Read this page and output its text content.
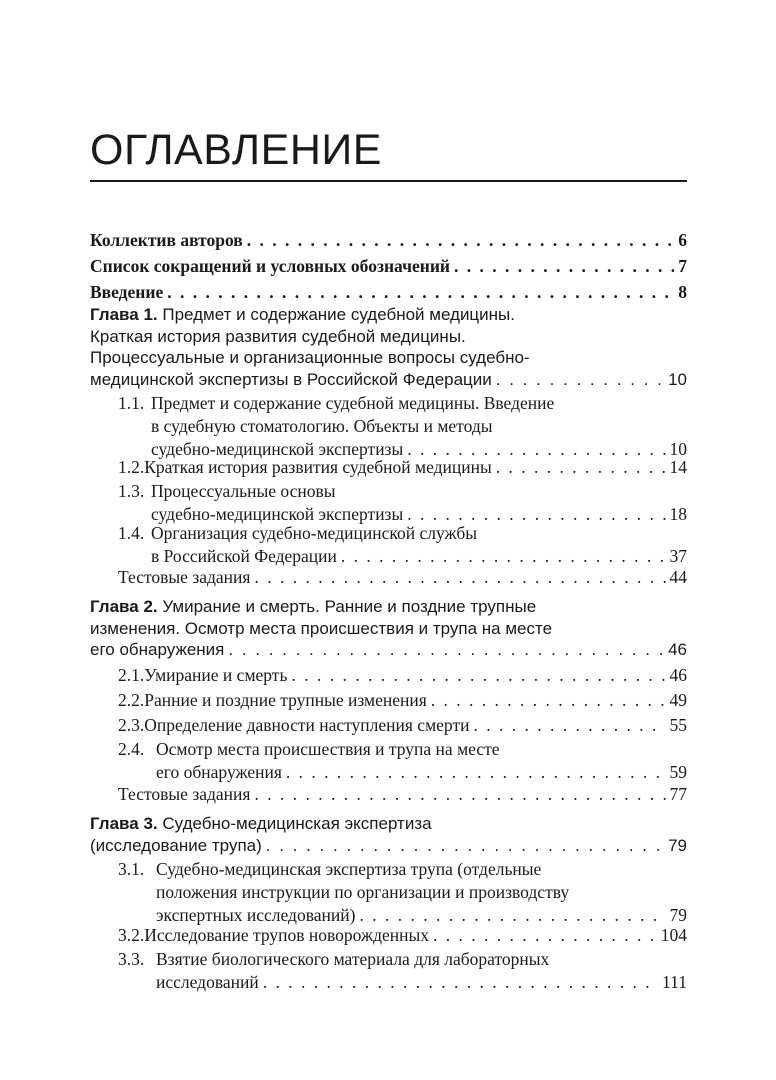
ОГЛАВЛЕНИЕ
Коллектив авторов . . .	6
Список сокращений и условных обозначений . . .	7
Введение . . .	8
Глава 1. Предмет и содержание судебной медицины.
Краткая история развития судебной медицины.
Процессуальные и организационные вопросы судебно-
медицинской экспертизы в Российской Федерации . . .	10
1.1. Предмет и содержание судебной медицины. Введение
в судебную стоматологию. Объекты и методы
судебно-медицинской экспертизы . . .	10
1.2. Краткая история развития судебной медицины . . .	14
1.3. Процессуальные основы
судебно-медицинской экспертизы . . .	18
1.4. Организация судебно-медицинской службы
в Российской Федерации . . .	37
Тестовые задания . . .	44
Глава 2. Умирание и смерть. Ранние и поздние трупные
изменения. Осмотр места происшествия и трупа на месте
его обнаружения . . .	46
2.1. Умирание и смерть . . .	46
2.2. Ранние и поздние трупные изменения . . .	49
2.3. Определение давности наступления смерти . . .	55
2.4. Осмотр места происшествия и трупа на месте
его обнаружения . . .	59
Тестовые задания . . .	77
Глава 3. Судебно-медицинская экспертиза
(исследование трупа) . . .	79
3.1. Судебно-медицинская экспертиза трупа (отдельные
положения инструкции по организации и производству
экспертных исследований) . . .	79
3.2. Исследование трупов новорожденных . . .	104
3.3. Взятие биологического материала для лабораторных
исследований . . .	111
